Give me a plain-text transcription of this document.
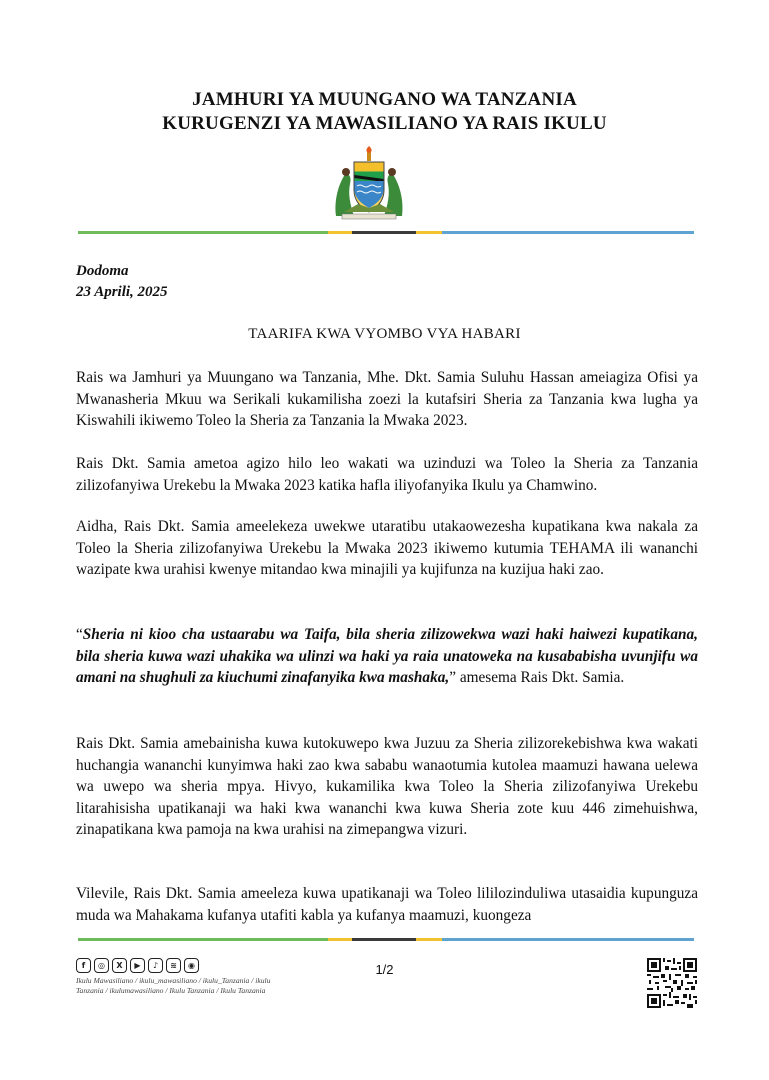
JAMHURI YA MUUNGANO WA TANZANIA
KURUGENZI YA MAWASILIANO YA RAIS IKULU
Dodoma
23 Aprili, 2025
TAARIFA KWA VYOMBO VYA HABARI
Rais wa Jamhuri ya Muungano wa Tanzania, Mhe. Dkt. Samia Suluhu Hassan ameiagiza Ofisi ya Mwanasheria Mkuu wa Serikali kukamilisha zoezi la kutafsiri Sheria za Tanzania kwa lugha ya Kiswahili ikiwemo Toleo la Sheria za Tanzania la Mwaka 2023.
Rais Dkt. Samia ametoa agizo hilo leo wakati wa uzinduzi wa Toleo la Sheria za Tanzania zilizofanyiwa Urekebu la Mwaka 2023 katika hafla iliyofanyika Ikulu ya Chamwino.
Aidha, Rais Dkt. Samia ameelekeza uwekwe utaratibu utakaowezesha kupatikana kwa nakala za Toleo la Sheria zilizofanyiwa Urekebu la Mwaka 2023 ikiwemo kutumia TEHAMA ili wananchi wazipate kwa urahisi kwenye mitandao kwa minajili ya kujifunza na kuzijua haki zao.
“Sheria ni kioo cha ustaarabu wa Taifa, bila sheria zilizowekwa wazi haki haiwezi kupatikana, bila sheria kuwa wazi uhakika wa ulinzi wa haki ya raia unatoweka na kusababisha uvunjifu wa amani na shughuli za kiuchumi zinafanyika kwa mashaka,” amesema Rais Dkt. Samia.
Rais Dkt. Samia amebainisha kuwa kutokuwepo kwa Juzuu za Sheria zilizorekebishwa kwa wakati huchangia wananchi kunyimwa haki zao kwa sababu wanaotumia kutolea maamuzi hawana uelewa wa uwepo wa sheria mpya. Hivyo, kukamilika kwa Toleo la Sheria zilizofanyiwa Urekebu litarahisisha upatikanaji wa haki kwa wananchi kwa kuwa Sheria zote kuu 446 zimehuishwa, zinapatikana kwa pamoja na kwa urahisi na zimepangwa vizuri.
Vilevile, Rais Dkt. Samia ameeleza kuwa upatikanaji wa Toleo lililozinduliwa utasaidia kupunguza muda wa Mahakama kufanya utafiti kabla ya kufanya maamuzi, kuongeza
f	◎	X	▶	♪	≋	◉
Ikulu Mawasiliano / ikulu_mawasiliano / ikulu_Tanzania / ikulu Tanzania / ikulumawasiliano / Ikulu Tanzania / Ikulu Tanzania
1/2
